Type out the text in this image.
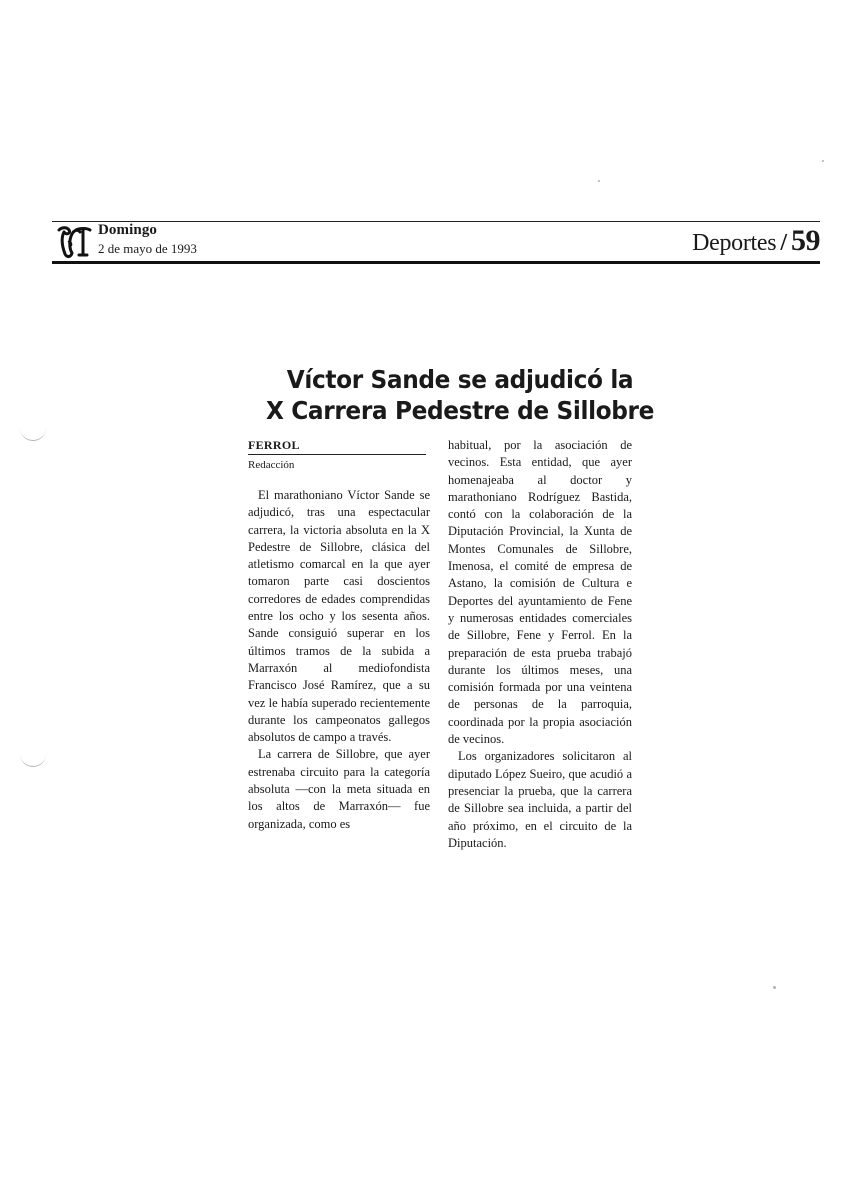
Domingo
2 de mayo de 1993	Deportes / 59
Víctor Sande se adjudicó la
X Carrera Pedestre de Sillobre
FERROL
Redacción

El marathoniano Víctor Sande se adjudicó, tras una espectacular carrera, la victoria absoluta en la X Pedestre de Sillobre, clásica del atletismo comarcal en la que ayer tomaron parte casi doscientos corredores de edades comprendidas entre los ocho y los sesenta años. Sande consiguió superar en los últimos tramos de la subida a Marraxón al mediofondista Francisco José Ramírez, que a su vez le había superado recientemente durante los campeonatos gallegos absolutos de campo a través.

La carrera de Sillobre, que ayer estrenaba circuito para la categoría absoluta —con la meta situada en los altos de Marraxón— fue organizada, como es

habitual, por la asociación de vecinos. Esta entidad, que ayer homenajeaba al doctor y marathoniano Rodríguez Bastida, contó con la colaboración de la Diputación Provincial, la Xunta de Montes Comunales de Sillobre, Imenosa, el comité de empresa de Astano, la comisión de Cultura e Deportes del ayuntamiento de Fene y numerosas entidades comerciales de Sillobre, Fene y Ferrol. En la preparación de esta prueba trabajó durante los últimos meses, una comisión formada por una veintena de personas de la parroquia, coordinada por la propia asociación de vecinos.

Los organizadores solicitaron al diputado López Sueiro, que acudió a presenciar la prueba, que la carrera de Sillobre sea incluida, a partir del año próximo, en el circuito de la Diputación.
